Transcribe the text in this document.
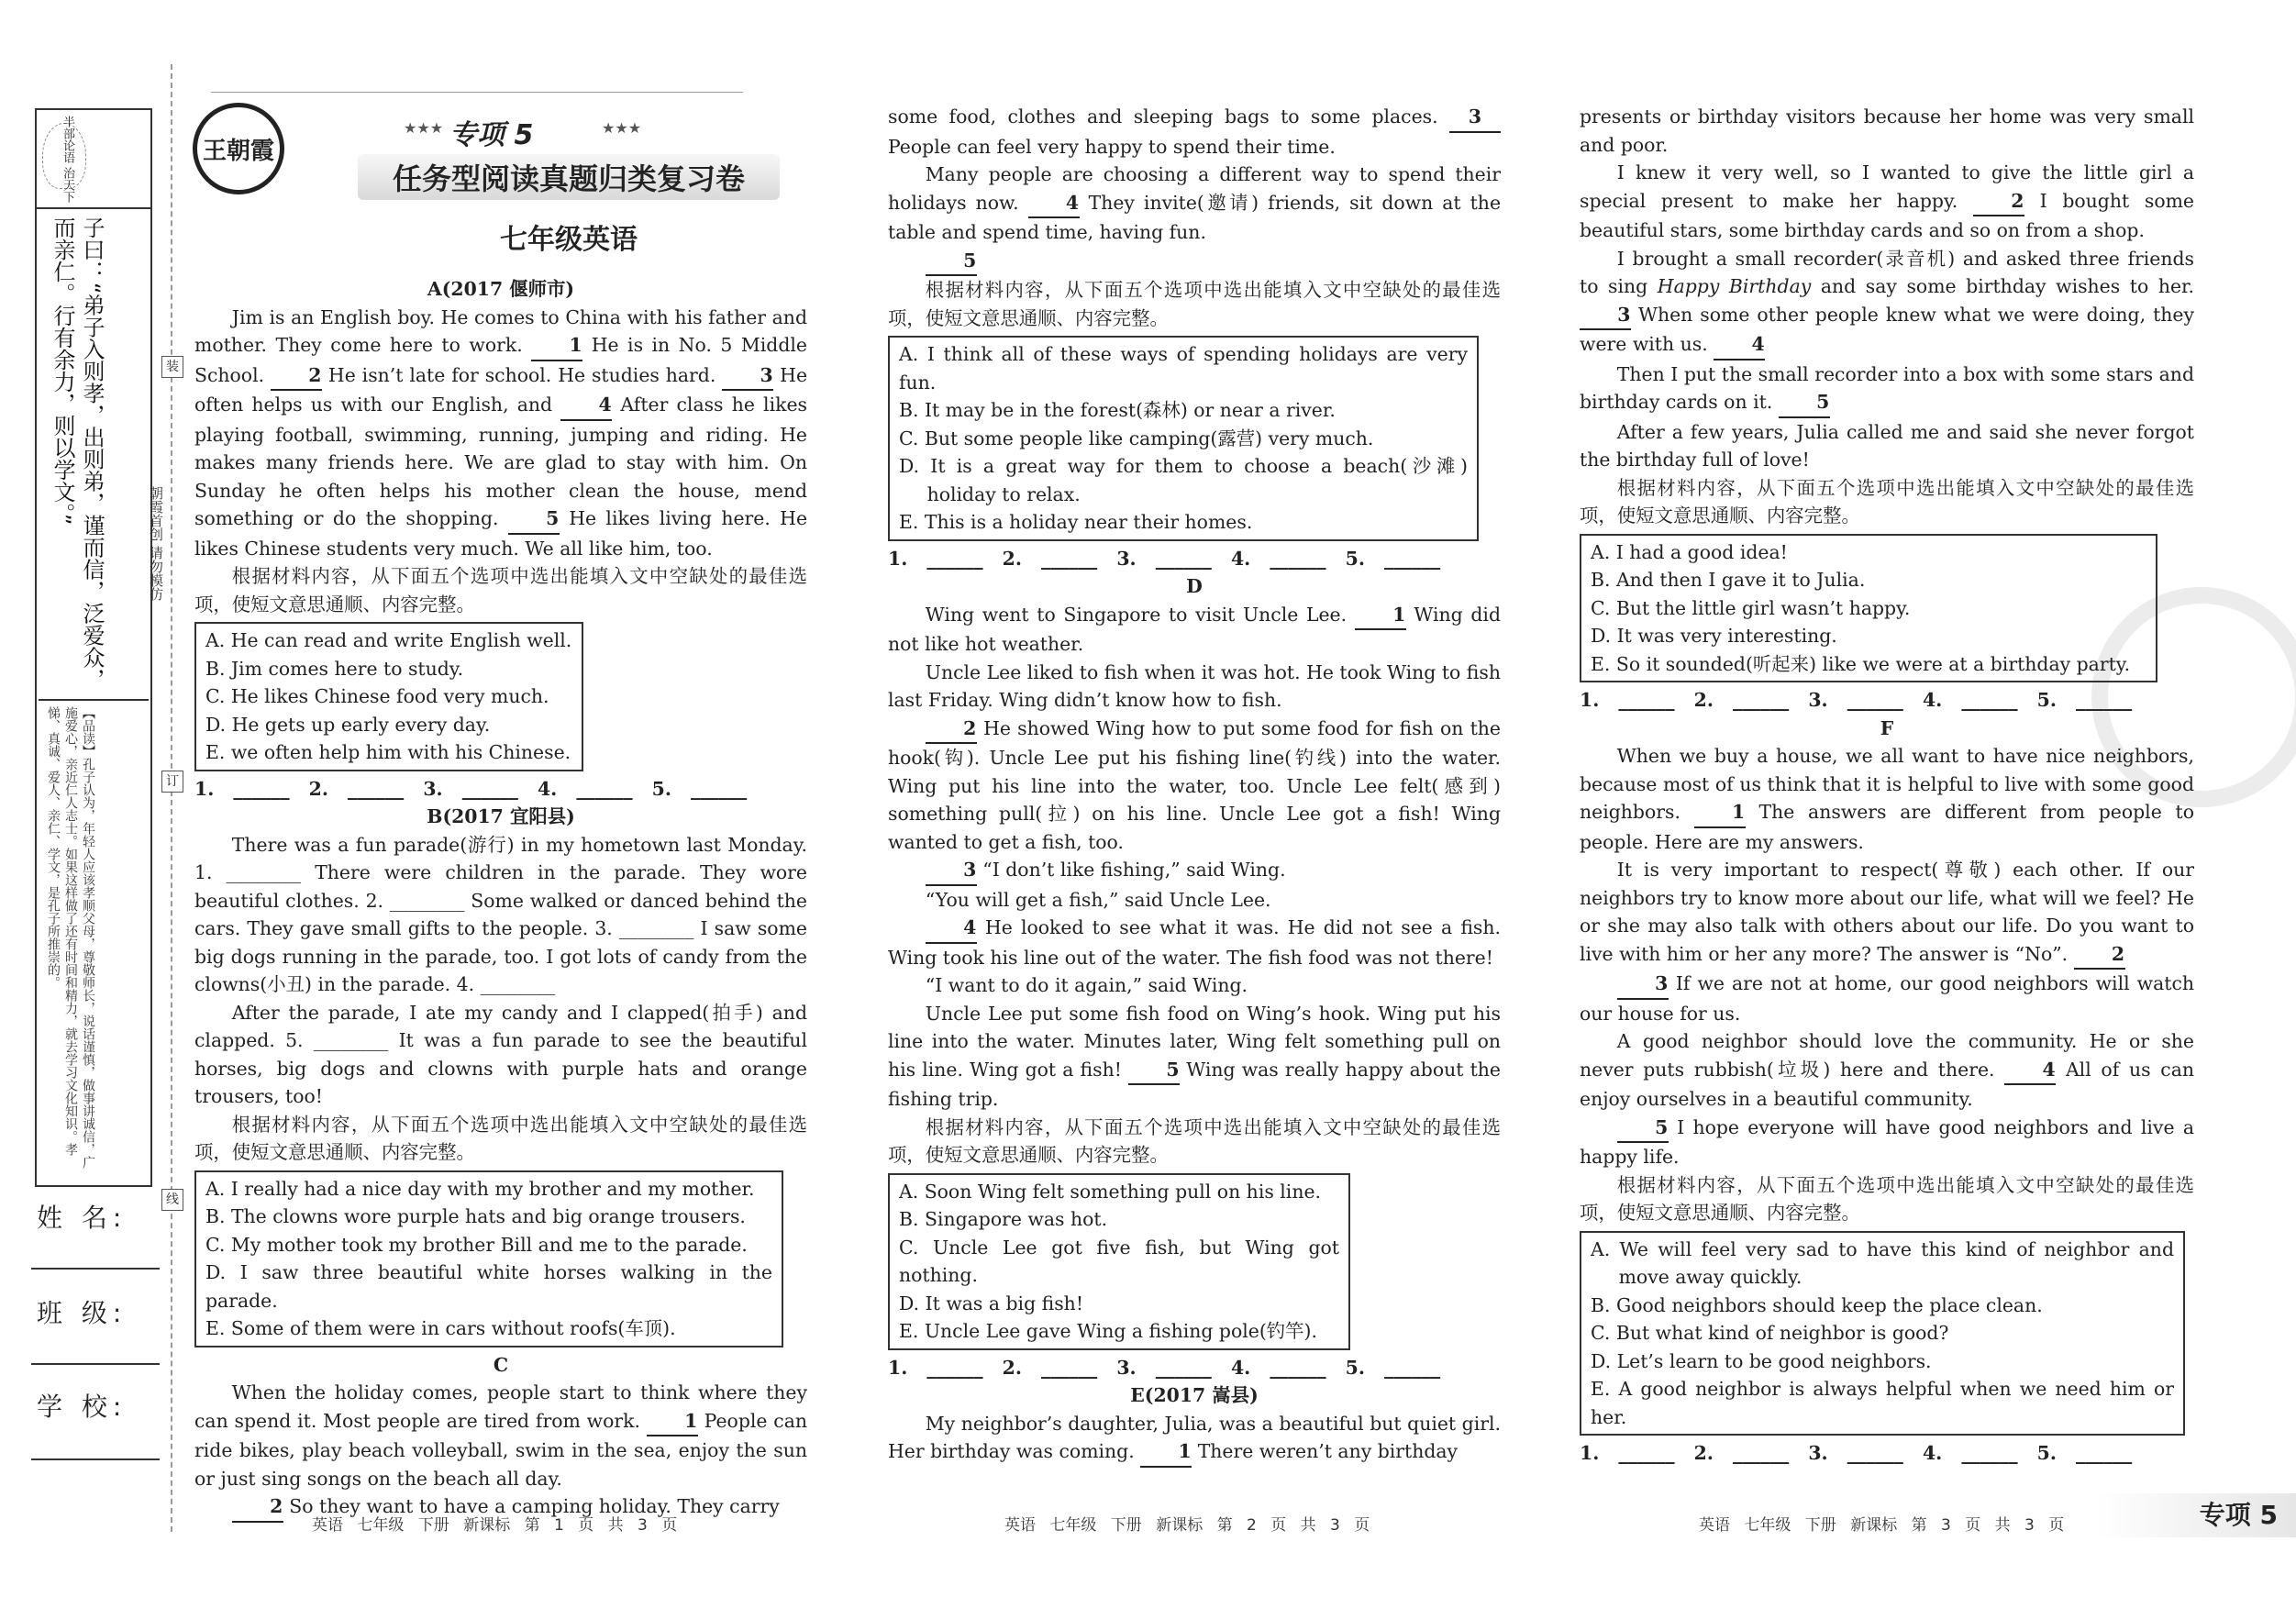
半部论语 治天下
子曰：“弟子入则孝，出则弟，谨而信，泛爱众，而亲仁。行有余力，则以学文。”
【品读】孔子认为，年轻人应该孝顺父母，尊敬师长，说话谨慎，做事讲诚信，广施爱心，亲近仁人志士。如果这样做了还有时间和精力，就去学习文化知识。孝悌、真诚、爱人、亲仁、学文，是孔子所推崇的。
姓 名:
班 级:
学 校:
装
订
线
朝霞首创 请勿模仿
王朝霞
★★★ 专项 5	★★★
任务型阅读真题归类复习卷
七年级英语

A(2017 偃师市)

Jim is an English boy. He comes to China with his father and mother. They come here to work. 1 He is in No. 5 Middle School. 2 He isn’t late for school. He studies hard. 3 He often helps us with our English, and 4 After class he likes playing football, swimming, running, jumping and riding. He makes many friends here. We are glad to stay with him. On Sunday he often helps his mother clean the house, mend something or do the shopping.	5 He likes living here. He likes Chinese students very much. We all like him, too.

根据材料内容，从下面五个选项中选出能填入文中空缺处的最佳选项，使短文意思通顺、内容完整。

A. He can read and write English well.

B. Jim comes here to study.

C. He likes Chinese food very much.

D. He gets up early every day.

E. we often help him with his Chinese.

1. ______ 2. ______ 3. ______ 4. ______ 5. ______

B(2017 宜阳县)

There was a fun parade(游行) in my hometown last Monday. 1. ________ There were children in the parade. They wore beautiful clothes. 2. ________ Some walked or danced behind the cars. They gave small gifts to the people. 3. ________ I saw some big dogs running in the parade, too. I got lots of candy from the clowns(小丑) in the parade. 4. ________

After the parade, I ate my candy and I clapped(拍手) and clapped. 5. ________ It was a fun parade to see the beautiful horses, big dogs and clowns with purple hats and orange trousers, too!

根据材料内容，从下面五个选项中选出能填入文中空缺处的最佳选项，使短文意思通顺、内容完整。

A. I really had a nice day with my brother and my mother.

B. The clowns wore purple hats and big orange trousers.

C. My mother took my brother Bill and me to the parade.

D. I saw three beautiful white horses walking in the parade.

E. Some of them were in cars without roofs(车顶).

C

When the holiday comes, people start to think where they can spend it. Most people are tired from work. 1 People can ride bikes, play beach volleyball, swim in the sea, enjoy the sun or just sing songs on the beach all day.

2 So they want to have a camping holiday. They carry

some food, clothes and sleeping bags to some places. 3 People can feel very happy to spend their time.

Many people are choosing a different way to spend their holidays now.	4 They invite(邀请) friends, sit down at the table and spend time, having fun.

5

根据材料内容，从下面五个选项中选出能填入文中空缺处的最佳选项，使短文意思通顺、内容完整。

A. I think all of these ways of spending holidays are very fun.

B. It may be in the forest(森林) or near a river.

C. But some people like camping(露营) very much.

D. It is a great way for them to choose a beach(沙滩) holiday to relax.

E. This is a holiday near their homes.

1. ______ 2. ______ 3. ______ 4. ______ 5. ______

D

Wing went to Singapore to visit Uncle Lee. 1 Wing did not like hot weather.

Uncle Lee liked to fish when it was hot. He took Wing to fish last Friday. Wing didn’t know how to fish.

2 He showed Wing how to put some food for fish on the hook(钩). Uncle Lee put his fishing line(钓线) into the water. Wing put his line into the water, too. Uncle Lee felt(感到) something pull(拉) on his line. Uncle Lee got a fish! Wing wanted to get a fish, too.

3 “I don’t like fishing,” said Wing.

“You will get a fish,” said Uncle Lee.

4 He looked to see what it was. He did not see a fish. Wing took his line out of the water. The fish food was not there!

“I want to do it again,” said Wing.

Uncle Lee put some fish food on Wing’s hook. Wing put his line into the water. Minutes later, Wing felt something pull on his line. Wing got a fish! 5 Wing was really happy about the fishing trip.

根据材料内容，从下面五个选项中选出能填入文中空缺处的最佳选项，使短文意思通顺、内容完整。

A. Soon Wing felt something pull on his line.

B. Singapore was hot.

C. Uncle Lee got five fish, but Wing got nothing.

D. It was a big fish!

E. Uncle Lee gave Wing a fishing pole(钓竿).

1. ______ 2. ______ 3. ______ 4. ______ 5. ______

E(2017 嵩县)

My neighbor’s daughter, Julia, was a beautiful but quiet girl. Her birthday was coming. 1 There weren’t any birthday

presents or birthday visitors because her home was very small and poor.

I knew it very well, so I wanted to give the little girl a special present to make her happy.	2 I bought some beautiful stars, some birthday cards and so on from a shop.

I brought a small recorder(录音机) and asked three friends to sing Happy Birthday and say some birthday wishes to her. 3 When some other people knew what we were doing, they were with us. 4

Then I put the small recorder into a box with some stars and birthday cards on it. 5

After a few years, Julia called me and said she never forgot the birthday full of love!

根据材料内容，从下面五个选项中选出能填入文中空缺处的最佳选项，使短文意思通顺、内容完整。

A. I had a good idea!

B. And then I gave it to Julia.

C. But the little girl wasn’t happy.

D. It was very interesting.

E. So it sounded(听起来) like we were at a birthday party.

1. ______ 2. ______ 3. ______ 4. ______ 5. ______

F

When we buy a house, we all want to have nice neighbors, because most of us think that it is helpful to live with some good neighbors.	1 The answers are different from people to people. Here are my answers.

It is very important to respect(尊敬) each other. If our neighbors try to know more about our life, what will we feel? He or she may also talk with others about our life. Do you want to live with him or her any more? The answer is “No”. 2

3 If we are not at home, our good neighbors will watch our house for us.

A good neighbor should love the community. He or she never puts rubbish(垃圾) here and there.	4 All of us can enjoy ourselves in a beautiful community.

5 I hope everyone will have good neighbors and live a happy life.

根据材料内容，从下面五个选项中选出能填入文中空缺处的最佳选项，使短文意思通顺、内容完整。

A. We will feel very sad to have this kind of neighbor and move away quickly.

B. Good neighbors should keep the place clean.

C. But what kind of neighbor is good?

D. Let’s learn to be good neighbors.

E. A good neighbor is always helpful when we need him or her.

1. ______ 2. ______ 3. ______ 4. ______ 5. ______

英语 七年级 下册 新课标 第 1 页 共 3 页	英语 七年级 下册 新课标 第 2 页 共 3 页	英语 七年级 下册 新课标 第 3 页 共 3 页	专项 5
